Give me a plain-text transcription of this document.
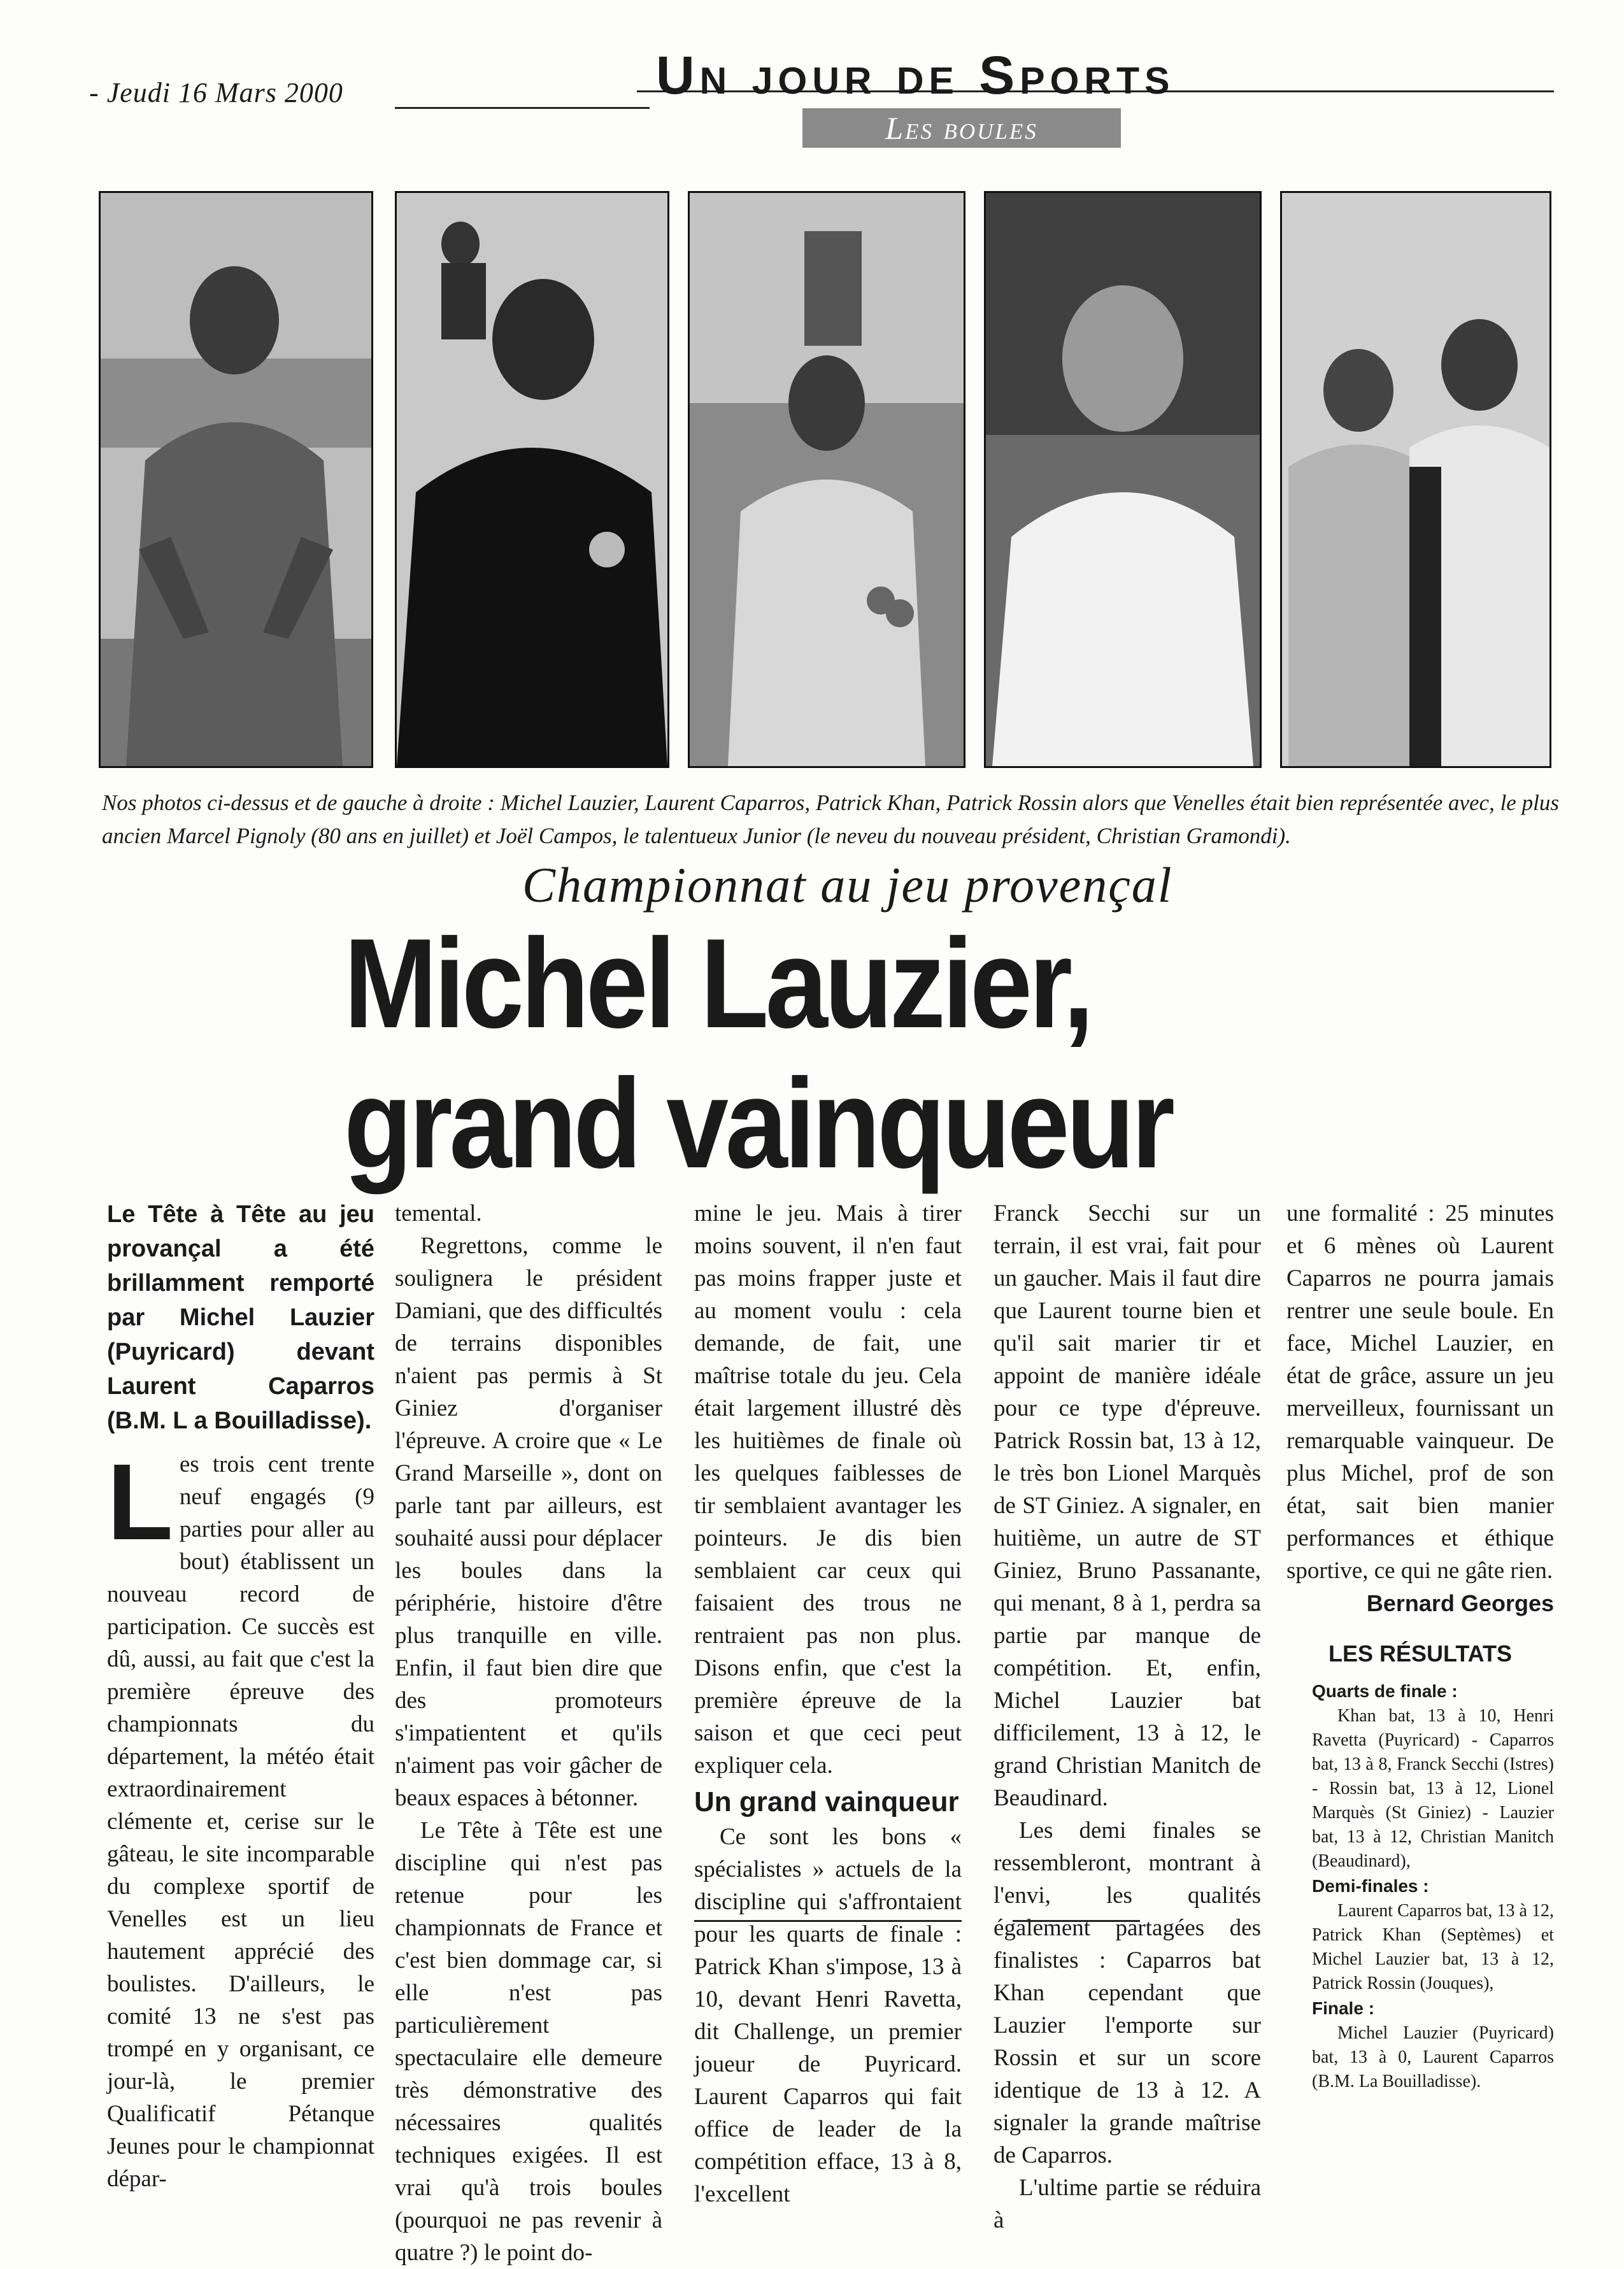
- Jeudi 16 Mars 2000	Un jour de Sports
Les boules
Nos photos ci-dessus et de gauche à droite : Michel Lauzier, Laurent Caparros, Patrick Khan, Patrick Rossin alors que Venelles était bien représentée avec, le plus ancien Marcel Pignoly (80 ans en juillet) et Joël Campos, le talentueux Junior (le neveu du nouveau président, Christian Gramondi).
Championnat au jeu provençal
Michel Lauzier,
grand vainqueur

Le Tête à Tête au jeu provançal a été brillamment remporté par Michel Lauzier (Puyricard) devant Laurent Caparros (B.M. L a Bouilladisse).

Les trois cent trente neuf engagés (9 parties pour aller au bout) établissent un nouveau record de participation. Ce succès est dû, aussi, au fait que c'est la première épreuve des championnats du département, la météo était extraordinairement clémente et, cerise sur le gâteau, le site incomparable du complexe sportif de Venelles est un lieu hautement apprécié des boulistes. D'ailleurs, le comité 13 ne s'est pas trompé en y organisant, ce jour-là, le premier Qualificatif Pétanque Jeunes pour le championnat dépar-

temental.

Regrettons, comme le soulignera le président Damiani, que des difficultés de terrains disponibles n'aient pas permis à St Giniez d'organiser l'épreuve. A croire que « Le Grand Marseille », dont on parle tant par ailleurs, est souhaité aussi pour déplacer les boules dans la périphérie, histoire d'être plus tranquille en ville. Enfin, il faut bien dire que des promoteurs s'impatientent et qu'ils n'aiment pas voir gâcher de beaux espaces à bétonner.

Le Tête à Tête est une discipline qui n'est pas retenue pour les championnats de France et c'est bien dommage car, si elle n'est pas particulièrement spectaculaire elle demeure très démonstrative des nécessaires qualités techniques exigées. Il est vrai qu'à trois boules (pourquoi ne pas revenir à quatre ?) le point do-

mine le jeu. Mais à tirer moins souvent, il n'en faut pas moins frapper juste et au moment voulu : cela demande, de fait, une maîtrise totale du jeu. Cela était largement illustré dès les huitièmes de finale où les quelques faiblesses de tir semblaient avantager les pointeurs. Je dis bien semblaient car ceux qui faisaient des trous ne rentraient pas non plus. Disons enfin, que c'est la première épreuve de la saison et que ceci peut expliquer cela.

Un grand vainqueur

Ce sont les bons « spécialistes » actuels de la discipline qui s'affrontaient pour les quarts de finale : Patrick Khan s'impose, 13 à 10, devant Henri Ravetta, dit Challenge, un premier joueur de Puyricard. Laurent Caparros qui fait office de leader de la compétition efface, 13 à 8, l'excellent

Franck Secchi sur un terrain, il est vrai, fait pour un gaucher. Mais il faut dire que Laurent tourne bien et qu'il sait marier tir et appoint de manière idéale pour ce type d'épreuve. Patrick Rossin bat, 13 à 12, le très bon Lionel Marquès de ST Giniez. A signaler, en huitième, un autre de ST Giniez, Bruno Passanante, qui menant, 8 à 1, perdra sa partie par manque de compétition. Et, enfin, Michel Lauzier bat difficilement, 13 à 12, le grand Christian Manitch de Beaudinard.

Les demi finales se ressembleront, montrant à l'envi, les qualités également partagées des finalistes : Caparros bat Khan cependant que Lauzier l'emporte sur Rossin et sur un score identique de 13 à 12. A signaler la grande maîtrise de Caparros.

L'ultime partie se réduira à

une formalité : 25 minutes et 6 mènes où Laurent Caparros ne pourra jamais rentrer une seule boule. En face, Michel Lauzier, en état de grâce, assure un jeu merveilleux, fournissant un remarquable vainqueur. De plus Michel, prof de son état, sait bien manier performances et éthique sportive, ce qui ne gâte rien.

Bernard Georges
LES RÉSULTATS
Quarts de finale :

Khan bat, 13 à 10, Henri Ravetta (Puyricard) - Caparros bat, 13 à 8, Franck Secchi (Istres) - Rossin bat, 13 à 12, Lionel Marquès (St Giniez) - Lauzier bat, 13 à 12, Christian Manitch (Beaudinard),

Demi-finales :

Laurent Caparros bat, 13 à 12, Patrick Khan (Septèmes) et Michel Lauzier bat, 13 à 12, Patrick Rossin (Jouques),

Finale :

Michel Lauzier (Puyricard) bat, 13 à 0, Laurent Caparros (B.M. La Bouilladisse).
